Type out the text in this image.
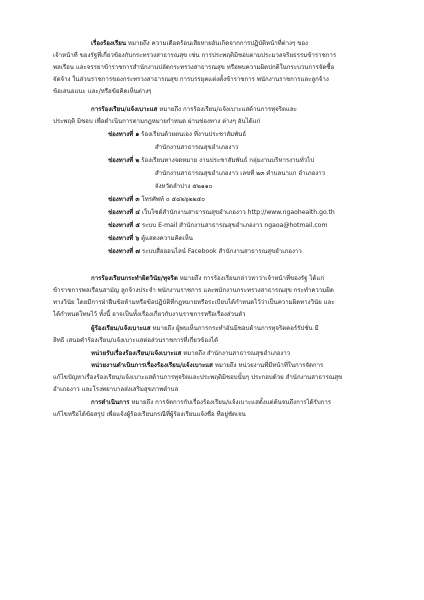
เรื่องร้องเรียน หมายถึง ความเดือดร้อนเสียหายอันเกิดจากการปฏิบัติหน้าที่ต่างๆ ของ
เจ้าหน้าที่ ของรัฐที่เกี่ยวข้องกับกระทรวงสาธารณสุข เช่น การประพฤติมิชอบตามประมวลจริยธรรมข้าราชการ
พลเรือน และจรรยาข้าราชการสำนักงานปลัดกระทรวงสาธารณสุข หรือพบความผิดปกติในกระบวนการจัดซื้อ
จัดจ้าง ในส่วนราชการของกระทรวงสาธารณสุข การบรรยุคแต่งตั้งข้าราชการ พนักงานราชการและลูกจ้าง
ข้อเสนอแนะ และ/หรือข้อคิดเห็นต่างๆ
การร้องเรียน/แจ้งเบาะแส หมายถึง การร้องเรียน/แจ้งเบาะแสด้านการทุจริตและ
ประพฤติ มิชอบ เพื่อดำเนินการตามกฎหมายกำหนด ผ่านช่องทาง ต่างๆ อันได้แก่
ช่องทางที่ ๑ ร้องเรียนด้วยตนเอง ที่งานประชาสัมพันธ์
สำนักงานสาธารณสุขอำเภองาว
ช่องทางที่ ๒ ร้องเรียนทางจดหมาย งานประชาสัมพันธ์ กลุ่มงานบริหารงานทั่วไป
สำนักงานสาธารณสุขอำเภองาว เลขที่ ๒๓ ตำบลนาแก อำเภองาว
จังหวัดลำปาง ๕๒๑๑๐
ช่องทางที่ ๓ โทรศัพท์ ๐ ๕๔๒๖๒๒๕๐
ช่องทางที่ ๔ เว็บไซต์สำนักงานสาธารณสุขอำเภองาว http://www.ngaohealth.go.th
ช่องทางที่ ๕ ระบบ E-mail สำนักงานสาธารณสุขอำเภองาว ngaoa@hotmail.com
ช่องทางที่ ๖ ตู้แสดงความคิดเห็น
ช่องทางที่ ๗ ระบบสื่อออนไลน์ Facebook สำนักงานสาธารณสุขอำเภองาว
การร้องเรียนกระทำผิดวินัย/ทุจริต หมายถึง การร้องเรียนกล่าวหาว่าเจ้าหน้าที่ของรัฐ ได้แก่
ข้าราชการพลเรือนสามัญ ลูกจ้างประจำ พนักงานราชการ และพนักงานกระทรวงสาธารณสุข กระทำความผิด
ทางวินัย โดยมีการฝ่าฝืนข้อห้ามหรือข้อปฏิบัติที่กฎหมายหรือระเบียบได้กำหนดไว้ว่าเป็นความผิดทางวินัย และ
ได้กำหนดโทษไว้ ทั้งนี้ อาจเป็นทั้งเรื่องเกี่ยวกับงานราชการหรือเรื่องส่วนตัว
ผู้ร้องเรียน/แจ้งเบาะแส หมายถึง ผู้พบเห็นการกระทำอันมิชอบด้านการทุจริตคอร์รัปชั่น มี
สิทธิ เสนอคำร้องเรียน/แจ้งเบาะแสต่อส่วนราชการที่เกี่ยวข้องได้
หน่วยรับเรื่องร้องเรียน/แจ้งเบาะแส หมายถึง สำนักงานสาธารณสุขอำเภองาว
หน่วยงานดำเนินการเรื่องร้องเรียน/แจ้งเบาะแส หมายถึง หน่วยงานที่มีหน้าที่ในการจัดการ
แก้ไขปัญหาเรื่องร้องเรียน/แจ้งเบาะแสด้านการทุจริตและประพฤติมิชอบนั้นๆ ประกอบด้วย สำนักงานสาธารณสุข
อำเภองาว และโรงพยาบาลส่งเสริมสุขภาพตำบล
การดำเนินการ หมายถึง การจัดการกับเรื่องร้องเรียน/แจ้งเบาะแสตั้งแต่ต้นจนถึงการได้รับการ
แก้ไขหรือได้ข้อสรุป เพื่อแจ้งผู้ร้องเรียนกรณีที่ผู้ร้องเรียนแจ้งชื่อ ที่อยู่ชัดเจน
